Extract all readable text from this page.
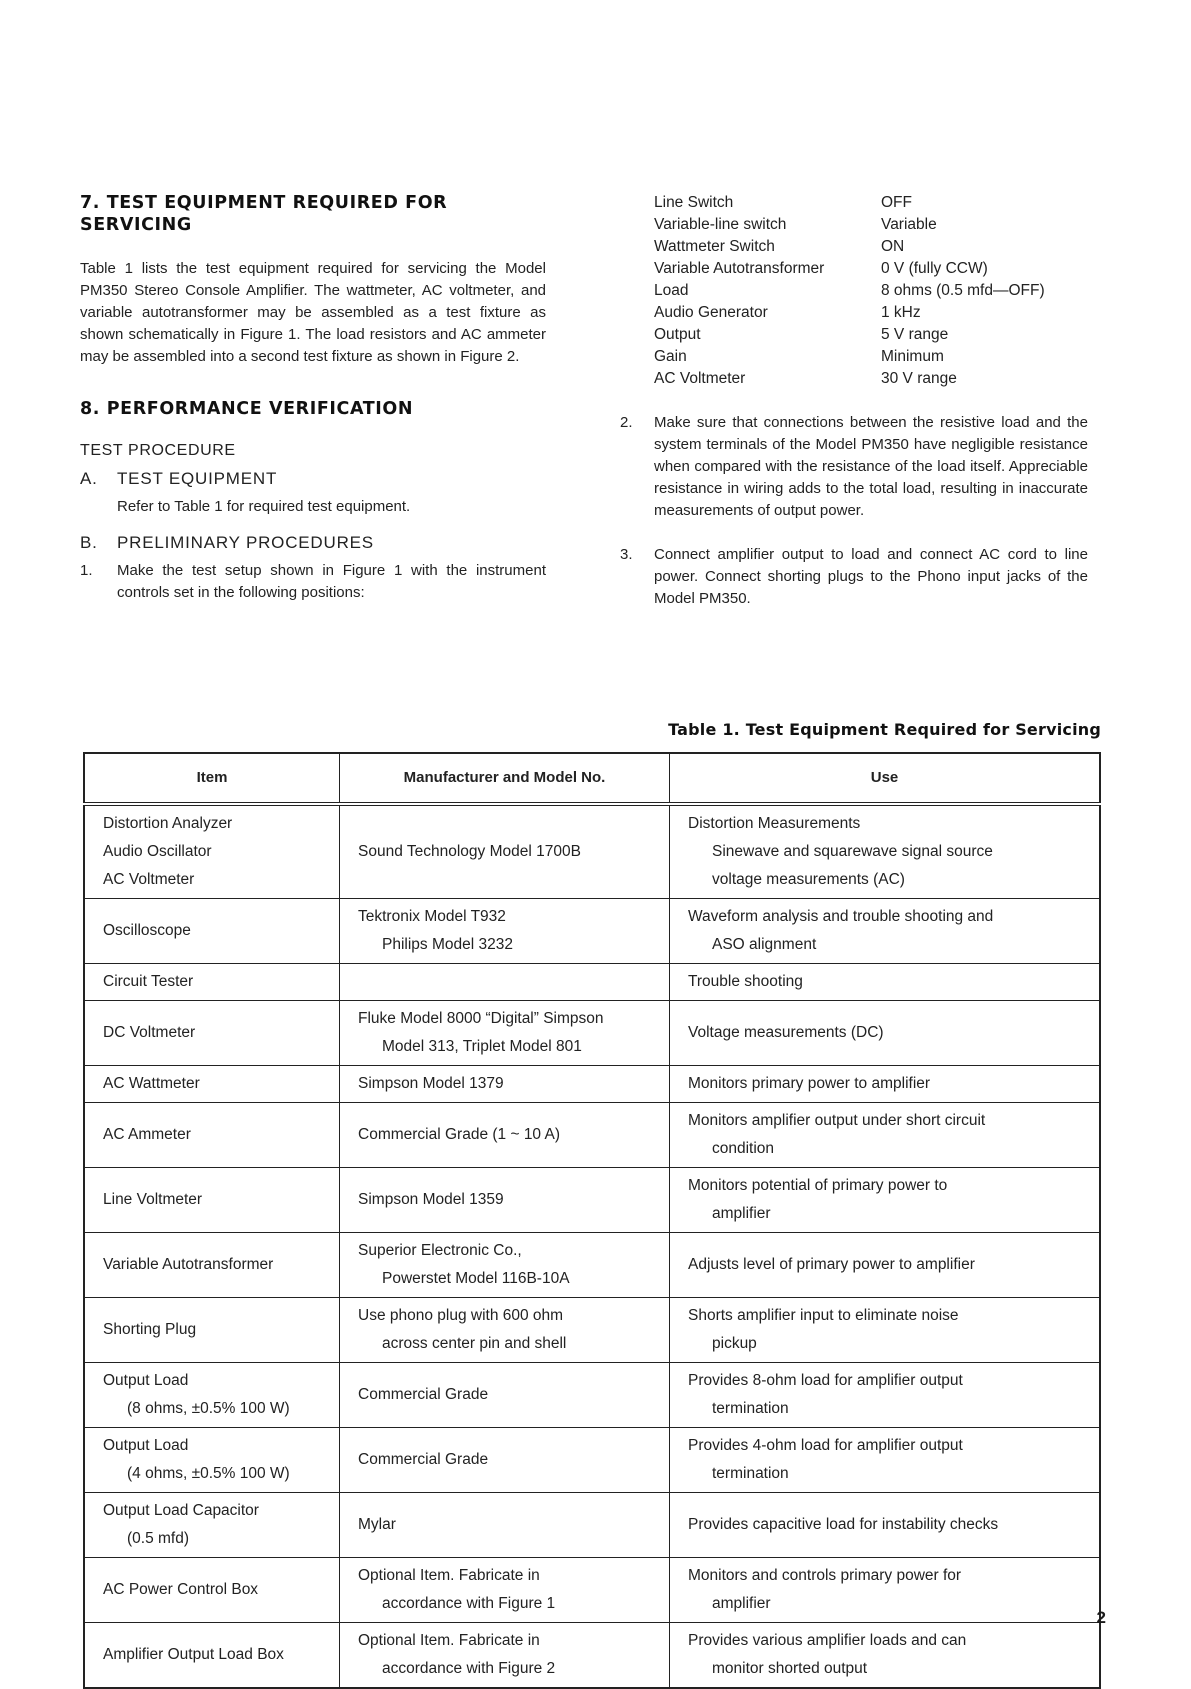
7. TEST EQUIPMENT REQUIRED FOR SERVICING

Table 1 lists the test equipment required for servicing the Model PM350 Stereo Console Amplifier. The wattmeter, AC voltmeter, and variable autotransformer may be assembled as a test fixture as shown schematically in Figure 1. The load resistors and AC ammeter may be assembled into a second test fixture as shown in Figure 2.

8. PERFORMANCE VERIFICATION
TEST PROCEDURE
A.	TEST EQUIPMENT

Refer to Table 1 for required test equipment.

B.	PRELIMINARY PROCEDURES
1.	Make the test setup shown in Figure 1 with the instrument controls set in the following positions:
Line Switch	OFF
Variable-line switch	Variable
Wattmeter Switch	ON
Variable Autotransformer	0 V (fully CCW)
Load	8 ohms (0.5 mfd—OFF)
Audio Generator	1 kHz
Output	5 V range
Gain	Minimum
AC Voltmeter	30 V range
2. Make sure that connections between the resistive load and the system terminals of the Model PM350 have negligible resistance when compared with the resistance of the load itself. Appreciable resistance in wiring adds to the total load, resulting in inaccurate measurements of output power.
3. Connect amplifier output to load and connect AC cord to line power. Connect shorting plugs to the Phono input jacks of the Model PM350.
Table 1. Test Equipment Required for Servicing
Item	Manufacturer and Model No.	Use

Distortion Analyzer
Audio Oscillator
AC Voltmeter	Sound Technology Model 1700B	Distortion Measurements
Sinewave and squarewave signal source
voltage measurements (AC)

Oscilloscope	Tektronix Model T932
Philips Model 3232	Waveform analysis and trouble shooting and
ASO alignment

Circuit Tester		Trouble shooting

DC Voltmeter	Fluke Model 8000 “Digital” Simpson
Model 313, Triplet Model 801	Voltage measurements (DC)

AC Wattmeter	Simpson Model 1379	Monitors primary power to amplifier

AC Ammeter	Commercial Grade (1 ~ 10 A)	Monitors amplifier output under short circuit
condition

Line Voltmeter	Simpson Model 1359	Monitors potential of primary power to
amplifier

Variable Autotransformer	Superior Electronic Co.,
Powerstet Model 116B-10A	Adjusts level of primary power to amplifier

Shorting Plug	Use phono plug with 600 ohm
across center pin and shell	Shorts amplifier input to eliminate noise
pickup

Output Load
(8 ohms, ±0.5% 100 W)	Commercial Grade	Provides 8-ohm load for amplifier output
termination

Output Load
(4 ohms, ±0.5% 100 W)	Commercial Grade	Provides 4-ohm load for amplifier output
termination

Output Load Capacitor
(0.5 mfd)	Mylar	Provides capacitive load for instability checks

AC Power Control Box	Optional Item. Fabricate in
accordance with Figure 1	Monitors and controls primary power for
amplifier

Amplifier Output Load Box	Optional Item. Fabricate in
accordance with Figure 2	Provides various amplifier loads and can
monitor shorted output
2
